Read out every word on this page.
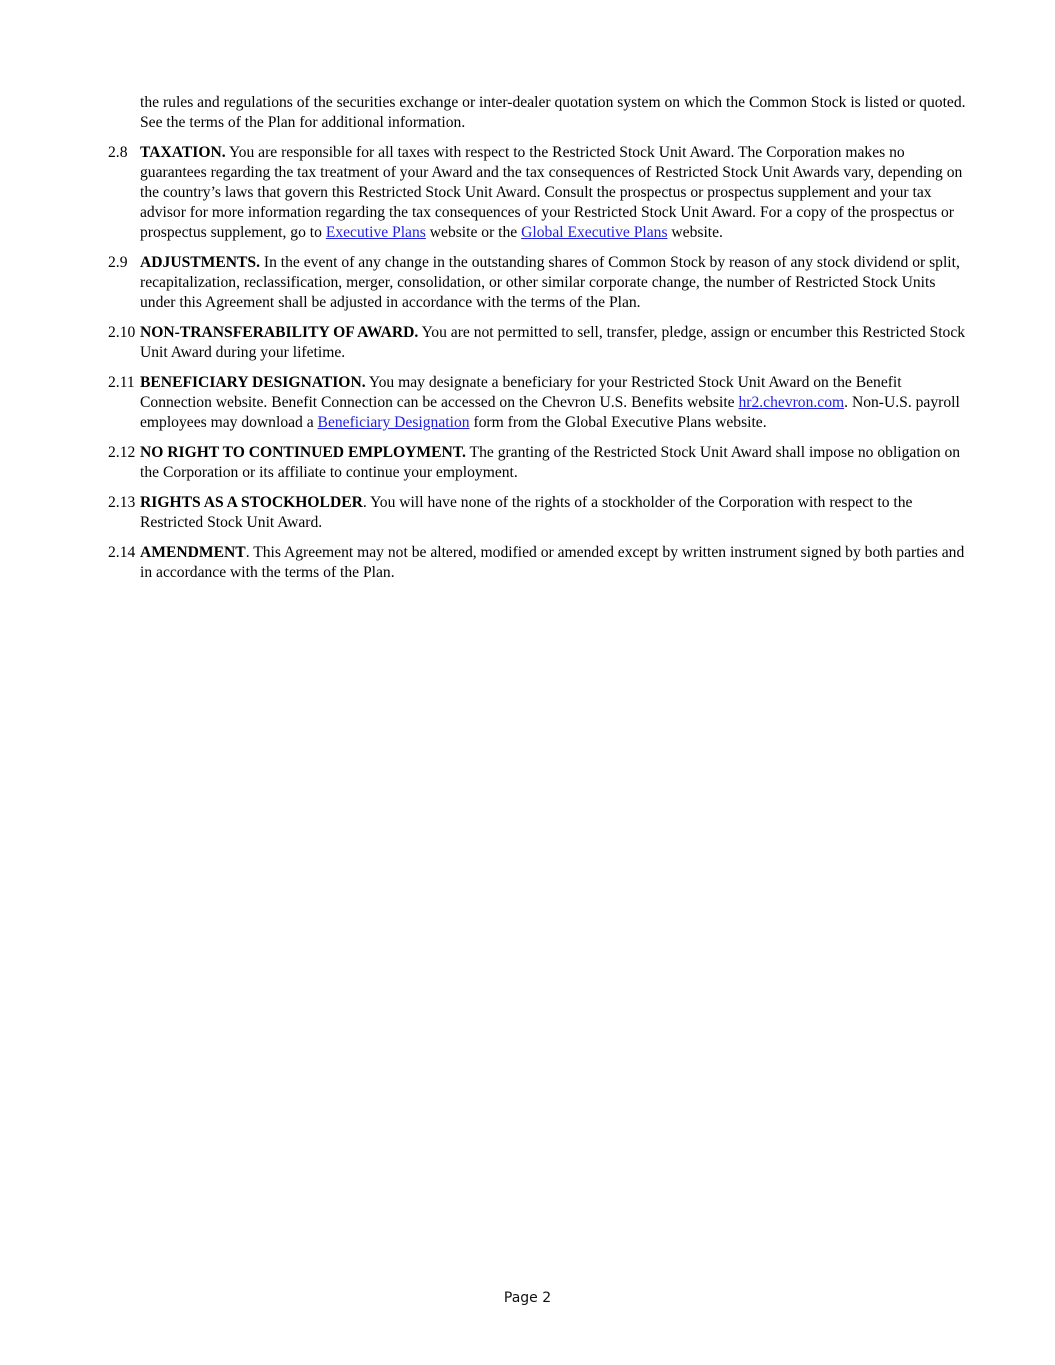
the rules and regulations of the securities exchange or inter-dealer quotation system on which the Common Stock is listed or quoted. See the terms of the Plan for additional information.

2.8 TAXATION. You are responsible for all taxes with respect to the Restricted Stock Unit Award. The Corporation makes no guarantees regarding the tax treatment of your Award and the tax consequences of Restricted Stock Unit Awards vary, depending on the country’s laws that govern this Restricted Stock Unit Award. Consult the prospectus or prospectus supplement and your tax advisor for more information regarding the tax consequences of your Restricted Stock Unit Award. For a copy of the prospectus or prospectus supplement, go to Executive Plans website or the Global Executive Plans website.
2.9 ADJUSTMENTS. In the event of any change in the outstanding shares of Common Stock by reason of any stock dividend or split, recapitalization, reclassification, merger, consolidation, or other similar corporate change, the number of Restricted Stock Units under this Agreement shall be adjusted in accordance with the terms of the Plan.
2.10 NON-TRANSFERABILITY OF AWARD. You are not permitted to sell, transfer, pledge, assign or encumber this Restricted Stock Unit Award during your lifetime.
2.11 BENEFICIARY DESIGNATION. You may designate a beneficiary for your Restricted Stock Unit Award on the Benefit Connection website. Benefit Connection can be accessed on the Chevron U.S. Benefits website hr2.chevron.com. Non-U.S. payroll employees may download a Beneficiary Designation form from the Global Executive Plans website.
2.12 NO RIGHT TO CONTINUED EMPLOYMENT. The granting of the Restricted Stock Unit Award shall impose no obligation on the Corporation or its affiliate to continue your employment.
2.13 RIGHTS AS A STOCKHOLDER. You will have none of the rights of a stockholder of the Corporation with respect to the Restricted Stock Unit Award.
2.14 AMENDMENT. This Agreement may not be altered, modified or amended except by written instrument signed by both parties and in accordance with the terms of the Plan.
Page 2
